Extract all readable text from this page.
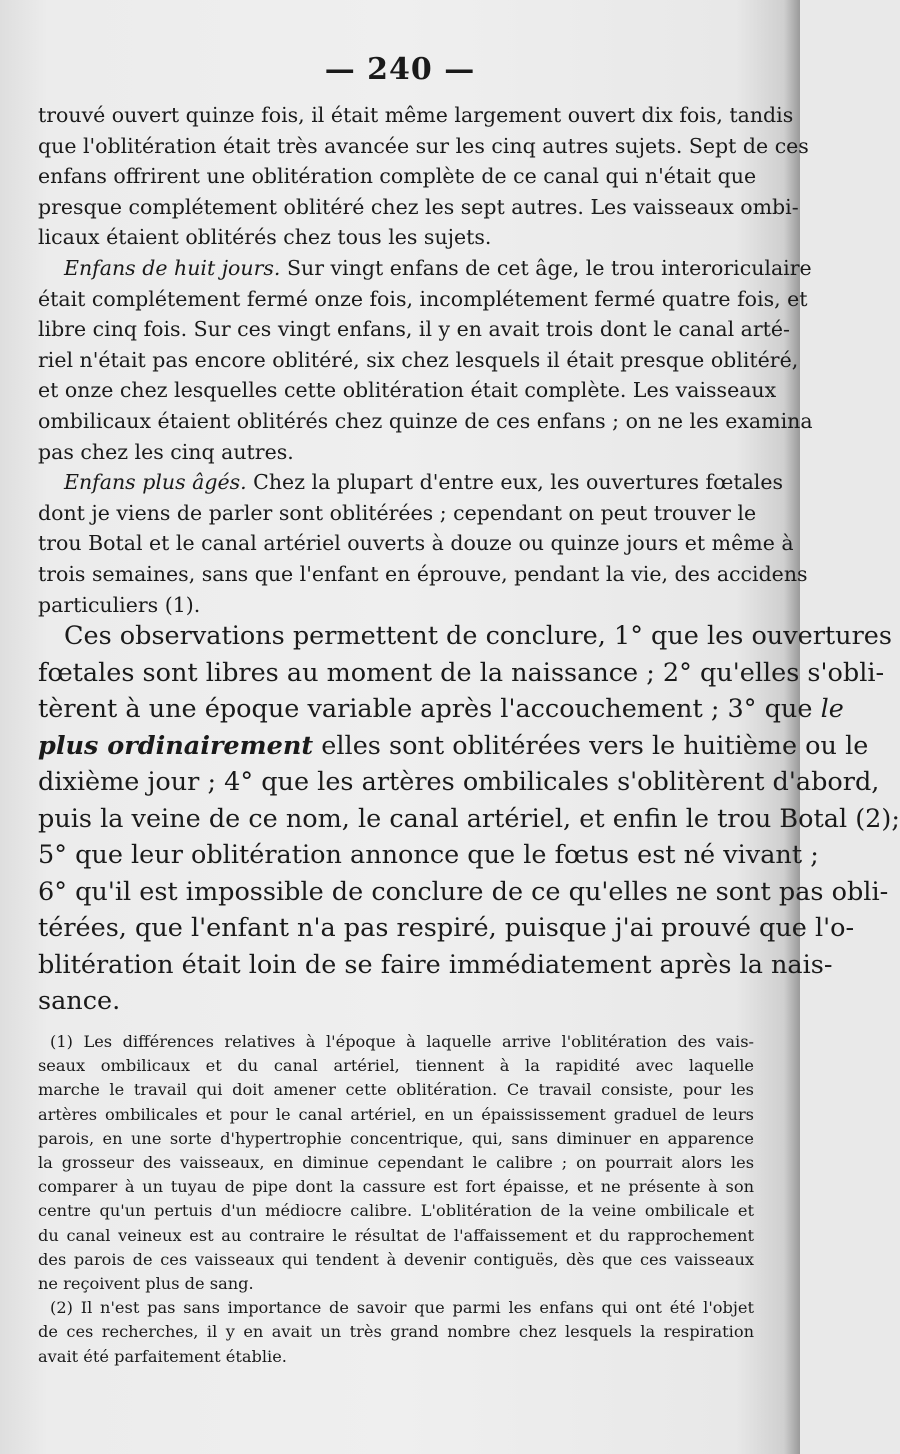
— 240 —
trouvé ouvert quinze fois, il était même largement ouvert dix fois, tandis
que l'oblitération était très avancée sur les cinq autres sujets. Sept de ces
enfans offrirent une oblitération complète de ce canal qui n'était que
presque complétement oblitéré chez les sept autres. Les vaisseaux ombi-
licaux étaient oblitérés chez tous les sujets.
Enfans de huit jours. Sur vingt enfans de cet âge, le trou interoriculaire
était complétement fermé onze fois, incomplétement fermé quatre fois, et
libre cinq fois. Sur ces vingt enfans, il y en avait trois dont le canal arté-
riel n'était pas encore oblitéré, six chez lesquels il était presque oblitéré,
et onze chez lesquelles cette oblitération était complète. Les vaisseaux
ombilicaux étaient oblitérés chez quinze de ces enfans ; on ne les examina
pas chez les cinq autres.
Enfans plus âgés. Chez la plupart d'entre eux, les ouvertures fœtales
dont je viens de parler sont oblitérées ; cependant on peut trouver le
trou Botal et le canal artériel ouverts à douze ou quinze jours et même à
trois semaines, sans que l'enfant en éprouve, pendant la vie, des accidens
particuliers (1).
Ces observations permettent de conclure, 1° que les ouvertures
fœtales sont libres au moment de la naissance ; 2° qu'elles s'obli-
tèrent à une époque variable après l'accouchement ; 3° que le
plus ordinairement elles sont oblitérées vers le huitième ou le
dixième jour ; 4° que les artères ombilicales s'oblitèrent d'abord,
puis la veine de ce nom, le canal artériel, et enfin le trou Botal (2);
5° que leur oblitération annonce que le fœtus est né vivant ;
6° qu'il est impossible de conclure de ce qu'elles ne sont pas obli-
térées, que l'enfant n'a pas respiré, puisque j'ai prouvé que l'o-
blitération était loin de se faire immédiatement après la nais-
sance.
(1) Les différences relatives à l'époque à laquelle arrive l'oblitération des vais-
seaux ombilicaux et du canal artériel, tiennent à la rapidité avec laquelle
marche le travail qui doit amener cette oblitération. Ce travail consiste, pour les
artères ombilicales et pour le canal artériel, en un épaississement graduel de leurs
parois, en une sorte d'hypertrophie concentrique, qui, sans diminuer en apparence
la grosseur des vaisseaux, en diminue cependant le calibre ; on pourrait alors les
comparer à un tuyau de pipe dont la cassure est fort épaisse, et ne présente à son
centre qu'un pertuis d'un médiocre calibre. L'oblitération de la veine ombilicale et
du canal veineux est au contraire le résultat de l'affaissement et du rapprochement
des parois de ces vaisseaux qui tendent à devenir contiguës, dès que ces vaisseaux
ne reçoivent plus de sang.
(2) Il n'est pas sans importance de savoir que parmi les enfans qui ont été l'objet
de ces recherches, il y en avait un très grand nombre chez lesquels la respiration
avait été parfaitement établie.
